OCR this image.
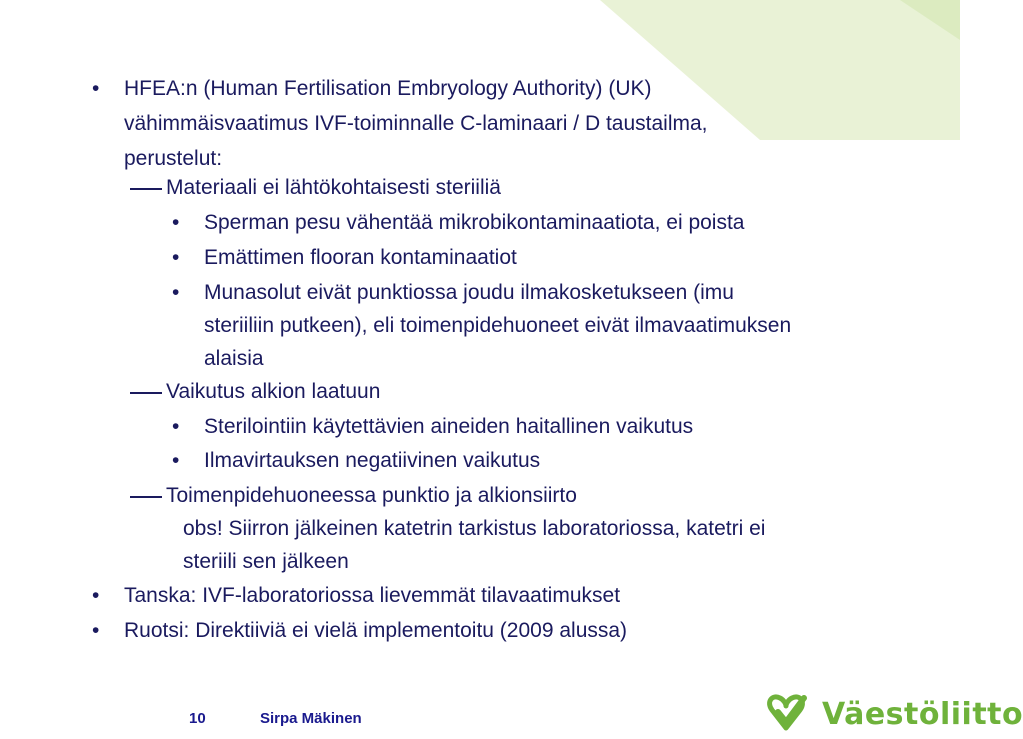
• HFEA:n (Human Fertilisation Embryology Authority) (UK)
vähimmäisvaatimus IVF-toiminnalle C-laminaari / D taustailma,
perustelut:
Materiaali ei lähtökohtaisesti steriiliä
• Sperman pesu vähentää mikrobikontaminaatiota, ei poista
• Emättimen flooran kontaminaatiot
• Munasolut eivät punktiossa joudu ilmakosketukseen (imu
steriiliin putkeen), eli toimenpidehuoneet eivät ilmavaatimuksen
alaisia
Vaikutus alkion laatuun
• Sterilointiin käytettävien aineiden haitallinen vaikutus
• Ilmavirtauksen negatiivinen vaikutus
Toimenpidehuoneessa punktio ja alkionsiirto
obs! Siirron jälkeinen katetrin tarkistus laboratoriossa, katetri ei
steriili sen jälkeen
• Tanska: IVF-laboratoriossa lievemmät tilavaatimukset
• Ruotsi: Direktiiviä ei vielä implementoitu (2009 alussa)
10	Sirpa Mäkinen	Väestöliitto
